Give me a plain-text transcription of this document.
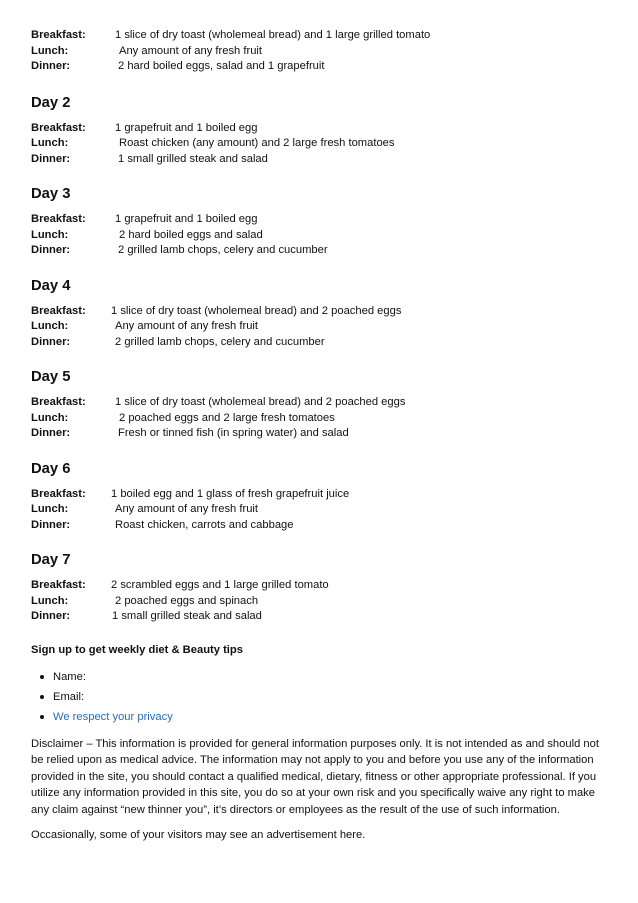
Breakfast:	1 slice of dry toast (wholemeal bread) and 1 large grilled tomato
Lunch:	Any amount of any fresh fruit
Dinner:	2 hard boiled eggs, salad and 1 grapefruit
Day 2
Breakfast:	1 grapefruit and 1 boiled egg
Lunch:	Roast chicken (any amount) and 2 large fresh tomatoes
Dinner:	1 small grilled steak and salad
Day 3
Breakfast:	1 grapefruit and 1 boiled egg
Lunch:	2 hard boiled eggs and salad
Dinner:	2 grilled lamb chops, celery and cucumber
Day 4
Breakfast:	1 slice of dry toast (wholemeal bread) and 2 poached eggs
Lunch:	Any amount of any fresh fruit
Dinner:	2 grilled lamb chops, celery and cucumber
Day 5
Breakfast:	1 slice of dry toast (wholemeal bread) and 2 poached eggs
Lunch:	2 poached eggs and 2 large fresh tomatoes
Dinner:	Fresh or tinned fish (in spring water) and salad
Day 6
Breakfast:	1 boiled egg and 1 glass of fresh grapefruit juice
Lunch:	Any amount of any fresh fruit
Dinner:	Roast chicken, carrots and cabbage
Day 7
Breakfast:	2 scrambled eggs and 1 large grilled tomato
Lunch:	2 poached eggs and spinach
Dinner:	1 small grilled steak and salad
Sign up to get weekly diet & Beauty tips
Name:
Email:
We respect your privacy

Disclaimer – This information is provided for general information purposes only. It is not intended as and should not be relied upon as medical advice. The information may not apply to you and before you use any of the information provided in the site, you should contact a qualified medical, dietary, fitness or other appropriate professional. If you utilize any information provided in this site, you do so at your own risk and you specifically waive any right to make any claim against “new thinner you”, it’s directors or employees as the result of the use of such information.

Occasionally, some of your visitors may see an advertisement here.
